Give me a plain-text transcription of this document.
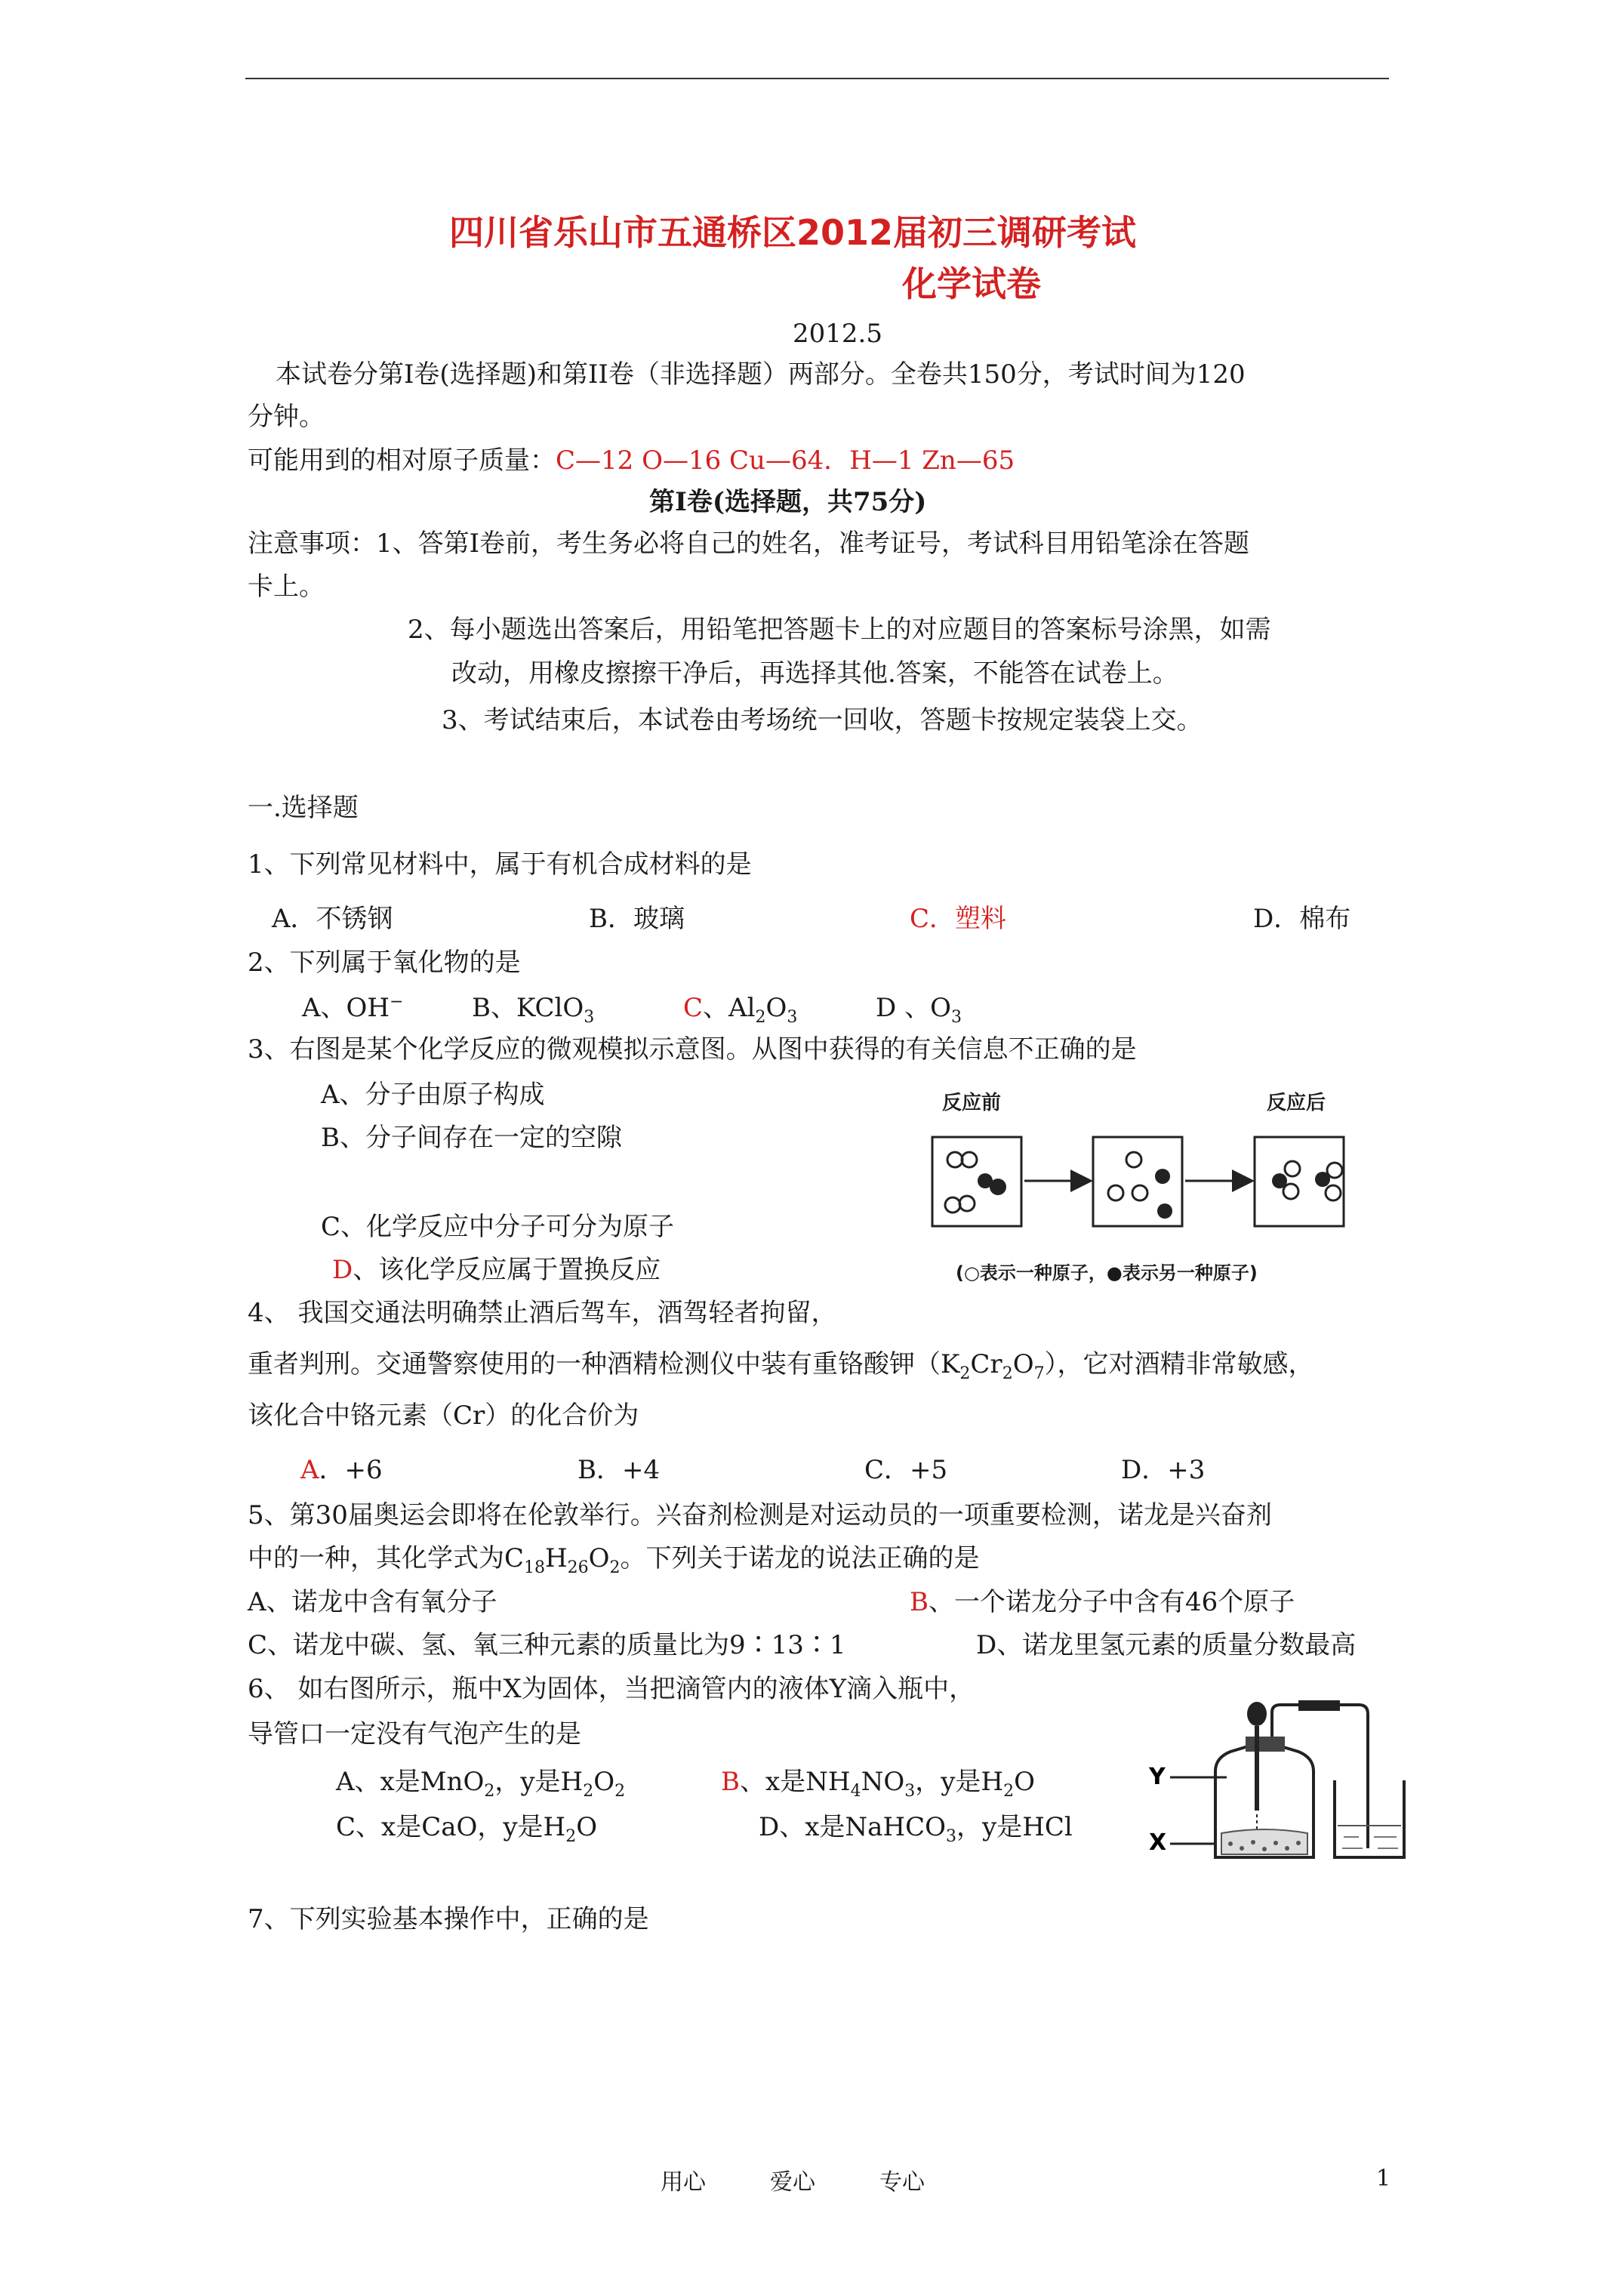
四川省乐山市五通桥区2012届初三调研考试
化学试卷
2012.5
本试卷分第I卷(选择题)和第II卷（非选择题）两部分。全卷共150分，考试时间为120
分钟。
可能用到的相对原子质量：C—12 O—16 Cu—64．H—1 Zn—65
第I卷(选择题，共75分)
注意事项：1、答第I卷前，考生务必将自己的姓名，准考证号，考试科目用铅笔涂在答题
卡上。
2、每小题选出答案后，用铅笔把答题卡上的对应题目的答案标号涂黑，如需
改动，用橡皮擦擦干净后，再选择其他.答案，不能答在试卷上。
3、考试结束后，本试卷由考场统一回收，答题卡按规定装袋上交。
一.选择题
1、下列常见材料中，属于有机合成材料的是
A．不锈钢	B．玻璃	C．塑料	D．棉布
2、下列属于氧化物的是
A、OH−	B、KClO$_3$	C、$Al_2O_3$	D 、$O_3$
3、右图是某个化学反应的微观模拟示意图。从图中获得的有关信息不正确的是
A、分子由原子构成
B、分子间存在一定的空隙
C、化学反应中分子可分为原子
D、该化学反应属于置换反应
反应前	反应后
(○表示一种原子，●表示另一种原子)
4、 我国交通法明确禁止酒后驾车，酒驾轻者拘留，
重者判刑。交通警察使用的一种酒精检测仪中装有重铬酸钾$(K_2Cr_2O_7)$，它对酒精非常敏感，
该化合中铬元素（Cr）的化合价为
A．+6	B．+4	C．+5	D．+3
5、第30届奥运会即将在伦敦举行。兴奋剂检测是对运动员的一项重要检测，诺龙是兴奋剂
中的一种，其化学式为$C_{18}H_{26}O_2$。下列关于诺龙的说法正确的是
A、诺龙中含有氧分子	B、一个诺龙分子中含有46个原子
C、诺龙中碳、氢、氧三种元素的质量比为9∶13∶1	D、诺龙里氢元素的质量分数最高
6、 如右图所示，瓶中X为固体，当把滴管内的液体Y滴入瓶中，
导管口一定没有气泡产生的是
A、x是MnO$_2$，y是$H_2O_2$	B、x是$NH_4NO_3$，y是$H_2O$
C、x是CaO，y是$H_2O$	D、x是NaHCO$_3$，y是HCl
Y
X
7、下列实验基本操作中，正确的是
用心	爱心	专心	1
